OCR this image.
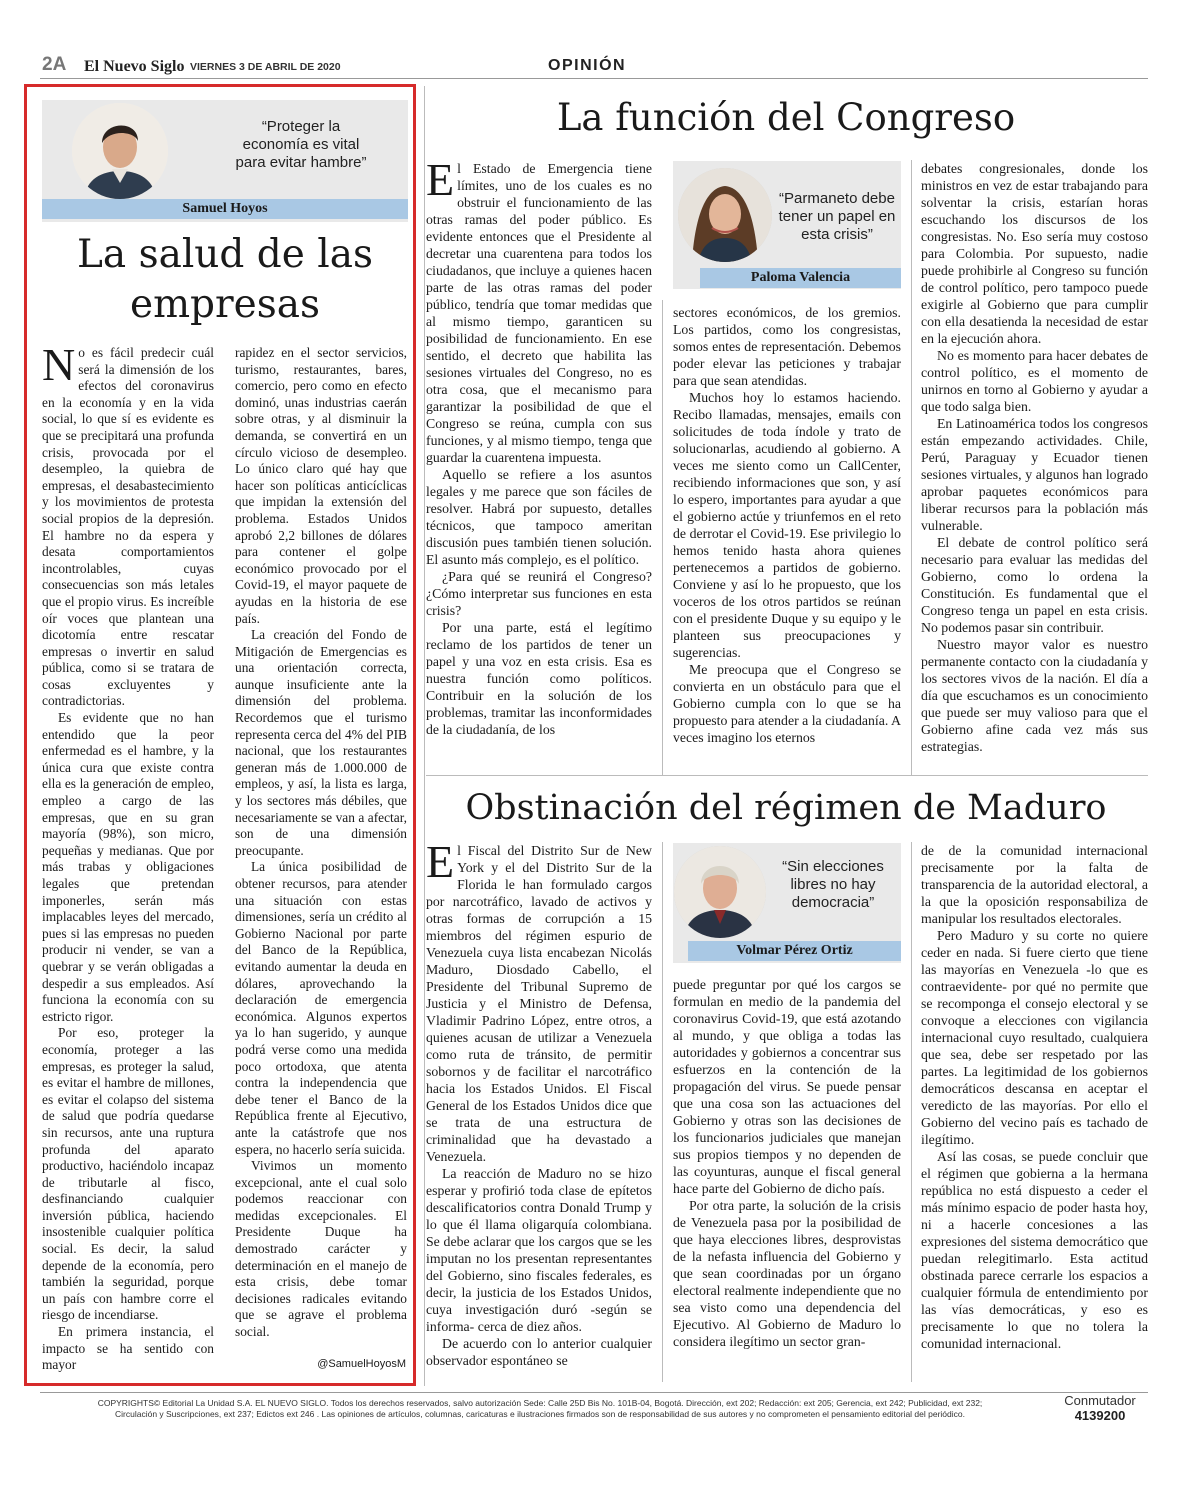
2A El Nuevo Siglo VIERNES 3 DE ABRIL DE 2020	OPINIÓN
“Proteger la economía es vital para evitar hambre”
Samuel Hoyos
La salud de las
empresas

No es fácil predecir cuál será la dimensión de los efectos del coronavirus en la economía y en la vida social, lo que sí es evidente es que se precipitará una profunda crisis, provocada por el desempleo, la quiebra de empresas, el desabastecimiento y los movimientos de protesta social propios de la depresión. El hambre no da espera y desata comportamientos incontrolables, cuyas consecuencias son más letales que el propio virus. Es increíble oír voces que plantean una dicotomía entre rescatar empresas o invertir en salud pública, como si se tratara de cosas excluyentes y contradictorias.

Es evidente que no han entendido que la peor enfermedad es el hambre, y la única cura que existe contra ella es la generación de empleo, empleo a cargo de las empresas, que en su gran mayoría (98%), son micro, pequeñas y medianas. Que por más trabas y obligaciones legales que pretendan imponerles, serán más implacables leyes del mercado, pues si las empresas no pueden producir ni vender, se van a quebrar y se verán obligadas a despedir a sus empleados. Así funciona la economía con su estricto rigor.

Por eso, proteger la economía, proteger a las empresas, es proteger la salud, es evitar el hambre de millones, es evitar el colapso del sistema de salud que podría quedarse sin recursos, ante una ruptura profunda del aparato productivo, haciéndolo incapaz de tributarle al fisco, desfinanciando cualquier inversión pública, haciendo insostenible cualquier política social. Es decir, la salud depende de la economía, pero también la seguridad, porque un país con hambre corre el riesgo de incendiarse.

En primera instancia, el impacto se ha sentido con mayor

rapidez en el sector servicios, turismo, restaurantes, bares, comercio, pero como en efecto dominó, unas industrias caerán sobre otras, y al disminuir la demanda, se convertirá en un círculo vicioso de desempleo. Lo único claro qué hay que hacer son políticas anticíclicas que impidan la extensión del problema. Estados Unidos aprobó 2,2 billones de dólares para contener el golpe económico provocado por el Covid-19, el mayor paquete de ayudas en la historia de ese país.

La creación del Fondo de Mitigación de Emergencias es una orientación correcta, aunque insuficiente ante la dimensión del problema. Recordemos que el turismo representa cerca del 4% del PIB nacional, que los restaurantes generan más de 1.000.000 de empleos, y así, la lista es larga, y los sectores más débiles, que necesariamente se van a afectar, son de una dimensión preocupante.

La única posibilidad de obtener recursos, para atender una situación con estas dimensiones, sería un crédito al Gobierno Nacional por parte del Banco de la República, evitando aumentar la deuda en dólares, aprovechando la declaración de emergencia económica. Algunos expertos ya lo han sugerido, y aunque podrá verse como una medida poco ortodoxa, que atenta contra la independencia que debe tener el Banco de la República frente al Ejecutivo, ante la catástrofe que nos espera, no hacerlo sería suicida.

Vivimos un momento excepcional, ante el cual solo podemos reaccionar con medidas excepcionales. El Presidente Duque ha demostrado carácter y determinación en el manejo de esta crisis, debe tomar decisiones radicales evitando que se agrave el problema social.

@SamuelHoyosM
La función del Congreso

El Estado de Emergencia tiene límites, uno de los cuales es no obstruir el funcionamiento de las otras ramas del poder público. Es evidente entonces que el Presidente al decretar una cuarentena para todos los ciudadanos, que incluye a quienes hacen parte de las otras ramas del poder público, tendría que tomar medidas que al mismo tiempo, garanticen su posibilidad de funcionamiento. En ese sentido, el decreto que habilita las sesiones virtuales del Congreso, no es otra cosa, que el mecanismo para garantizar la posibilidad de que el Congreso se reúna, cumpla con sus funciones, y al mismo tiempo, tenga que guardar la cuarentena impuesta.

Aquello se refiere a los asuntos legales y me parece que son fáciles de resolver. Habrá por supuesto, detalles técnicos, que tampoco ameritan discusión pues también tienen solución. El asunto más complejo, es el político.

¿Para qué se reunirá el Congreso? ¿Cómo interpretar sus funciones en esta crisis?

Por una parte, está el legítimo reclamo de los partidos de tener un papel y una voz en esta crisis. Esa es nuestra función como políticos. Contribuir en la solución de los problemas, tramitar las inconformidades de la ciudadanía, de los

“Parmaneto debe tener un papel en esta crisis”
Paloma Valencia

sectores económicos, de los gremios. Los partidos, como los congresistas, somos entes de representación. Debemos poder elevar las peticiones y trabajar para que sean atendidas.

Muchos hoy lo estamos haciendo. Recibo llamadas, mensajes, emails con solicitudes de toda índole y trato de solucionarlas, acudiendo al gobierno. A veces me siento como un CallCenter, recibiendo informaciones que son, y así lo espero, importantes para ayudar a que el gobierno actúe y triunfemos en el reto de derrotar el Covid-19. Ese privilegio lo hemos tenido hasta ahora quienes pertenecemos a partidos de gobierno. Conviene y así lo he propuesto, que los voceros de los otros partidos se reúnan con el presidente Duque y su equipo y le planteen sus preocupaciones y sugerencias.

Me preocupa que el Congreso se convierta en un obstáculo para que el Gobierno cumpla con lo que se ha propuesto para atender a la ciudadanía. A veces imagino los eternos

debates congresionales, donde los ministros en vez de estar trabajando para solventar la crisis, estarían horas escuchando los discursos de los congresistas. No. Eso sería muy costoso para Colombia. Por supuesto, nadie puede prohibirle al Congreso su función de control político, pero tampoco puede exigirle al Gobierno que para cumplir con ella desatienda la necesidad de estar en la ejecución ahora.

No es momento para hacer debates de control político, es el momento de unirnos en torno al Gobierno y ayudar a que todo salga bien.

En Latinoamérica todos los congresos están empezando actividades. Chile, Perú, Paraguay y Ecuador tienen sesiones virtuales, y algunos han logrado aprobar paquetes económicos para liberar recursos para la población más vulnerable.

El debate de control político será necesario para evaluar las medidas del Gobierno, como lo ordena la Constitución. Es fundamental que el Congreso tenga un papel en esta crisis. No podemos pasar sin contribuir.

Nuestro mayor valor es nuestro permanente contacto con la ciudadanía y los sectores vivos de la nación. El día a día que escuchamos es un conocimiento que puede ser muy valioso para que el Gobierno afine cada vez más sus estrategias.

Obstinación del régimen de Maduro

El Fiscal del Distrito Sur de New York y el del Distrito Sur de la Florida le han formulado cargos por narcotráfico, lavado de activos y otras formas de corrupción a 15 miembros del régimen espurio de Venezuela cuya lista encabezan Nicolás Maduro, Diosdado Cabello, el Presidente del Tribunal Supremo de Justicia y el Ministro de Defensa, Vladimir Padrino López, entre otros, a quienes acusan de utilizar a Venezuela como ruta de tránsito, de permitir sobornos y de facilitar el narcotráfico hacia los Estados Unidos. El Fiscal General de los Estados Unidos dice que se trata de una estructura de criminalidad que ha devastado a Venezuela.

La reacción de Maduro no se hizo esperar y profirió toda clase de epítetos descalificatorios contra Donald Trump y lo que él llama oligarquía colombiana. Se debe aclarar que los cargos que se les imputan no los presentan representantes del Gobierno, sino fiscales federales, es decir, la justicia de los Estados Unidos, cuya investigación duró -según se informa- cerca de diez años.

De acuerdo con lo anterior cualquier observador espontáneo se

“Sin elecciones libres no hay democracia”
Volmar Pérez Ortiz

puede preguntar por qué los cargos se formulan en medio de la pandemia del coronavirus Covid-19, que está azotando al mundo, y que obliga a todas las autoridades y gobiernos a concentrar sus esfuerzos en la contención de la propagación del virus. Se puede pensar que una cosa son las actuaciones del Gobierno y otras son las decisiones de los funcionarios judiciales que manejan sus propios tiempos y no dependen de las coyunturas, aunque el fiscal general hace parte del Gobierno de dicho país.

Por otra parte, la solución de la crisis de Venezuela pasa por la posibilidad de que haya elecciones libres, desprovistas de la nefasta influencia del Gobierno y que sean coordinadas por un órgano electoral realmente independiente que no sea visto como una dependencia del Ejecutivo. Al Gobierno de Maduro lo considera ilegítimo un sector gran-

de de la comunidad internacional precisamente por la falta de transparencia de la autoridad electoral, a la que la oposición responsabiliza de manipular los resultados electorales.

Pero Maduro y su corte no quiere ceder en nada. Si fuere cierto que tiene las mayorías en Venezuela -lo que es contraevidente- por qué no permite que se recomponga el consejo electoral y se convoque a elecciones con vigilancia internacional cuyo resultado, cualquiera que sea, debe ser respetado por las partes. La legitimidad de los gobiernos democráticos descansa en aceptar el veredicto de las mayorías. Por ello el Gobierno del vecino país es tachado de ilegítimo.

Así las cosas, se puede concluir que el régimen que gobierna a la hermana república no está dispuesto a ceder el más mínimo espacio de poder hasta hoy, ni a hacerle concesiones a las expresiones del sistema democrático que puedan relegitimarlo. Esta actitud obstinada parece cerrarle los espacios a cualquier fórmula de entendimiento por las vías democráticas, y eso es precisamente lo que no tolera la comunidad internacional.

COPYRIGHTS© Editorial La Unidad S.A. EL NUEVO SIGLO. Todos los derechos reservados, salvo autorización Sede: Calle 25D Bis No. 101B-04, Bogotá. Dirección, ext 202; Redacción: ext 205; Gerencia, ext 242; Publicidad, ext 232;
Circulación y Suscripciones, ext 237; Edictos ext 246 . Las opiniones de artículos, columnas, caricaturas e ilustraciones firmados son de responsabilidad de sus autores y no comprometen el pensamiento editorial del periódico.
Conmutador
4139200
